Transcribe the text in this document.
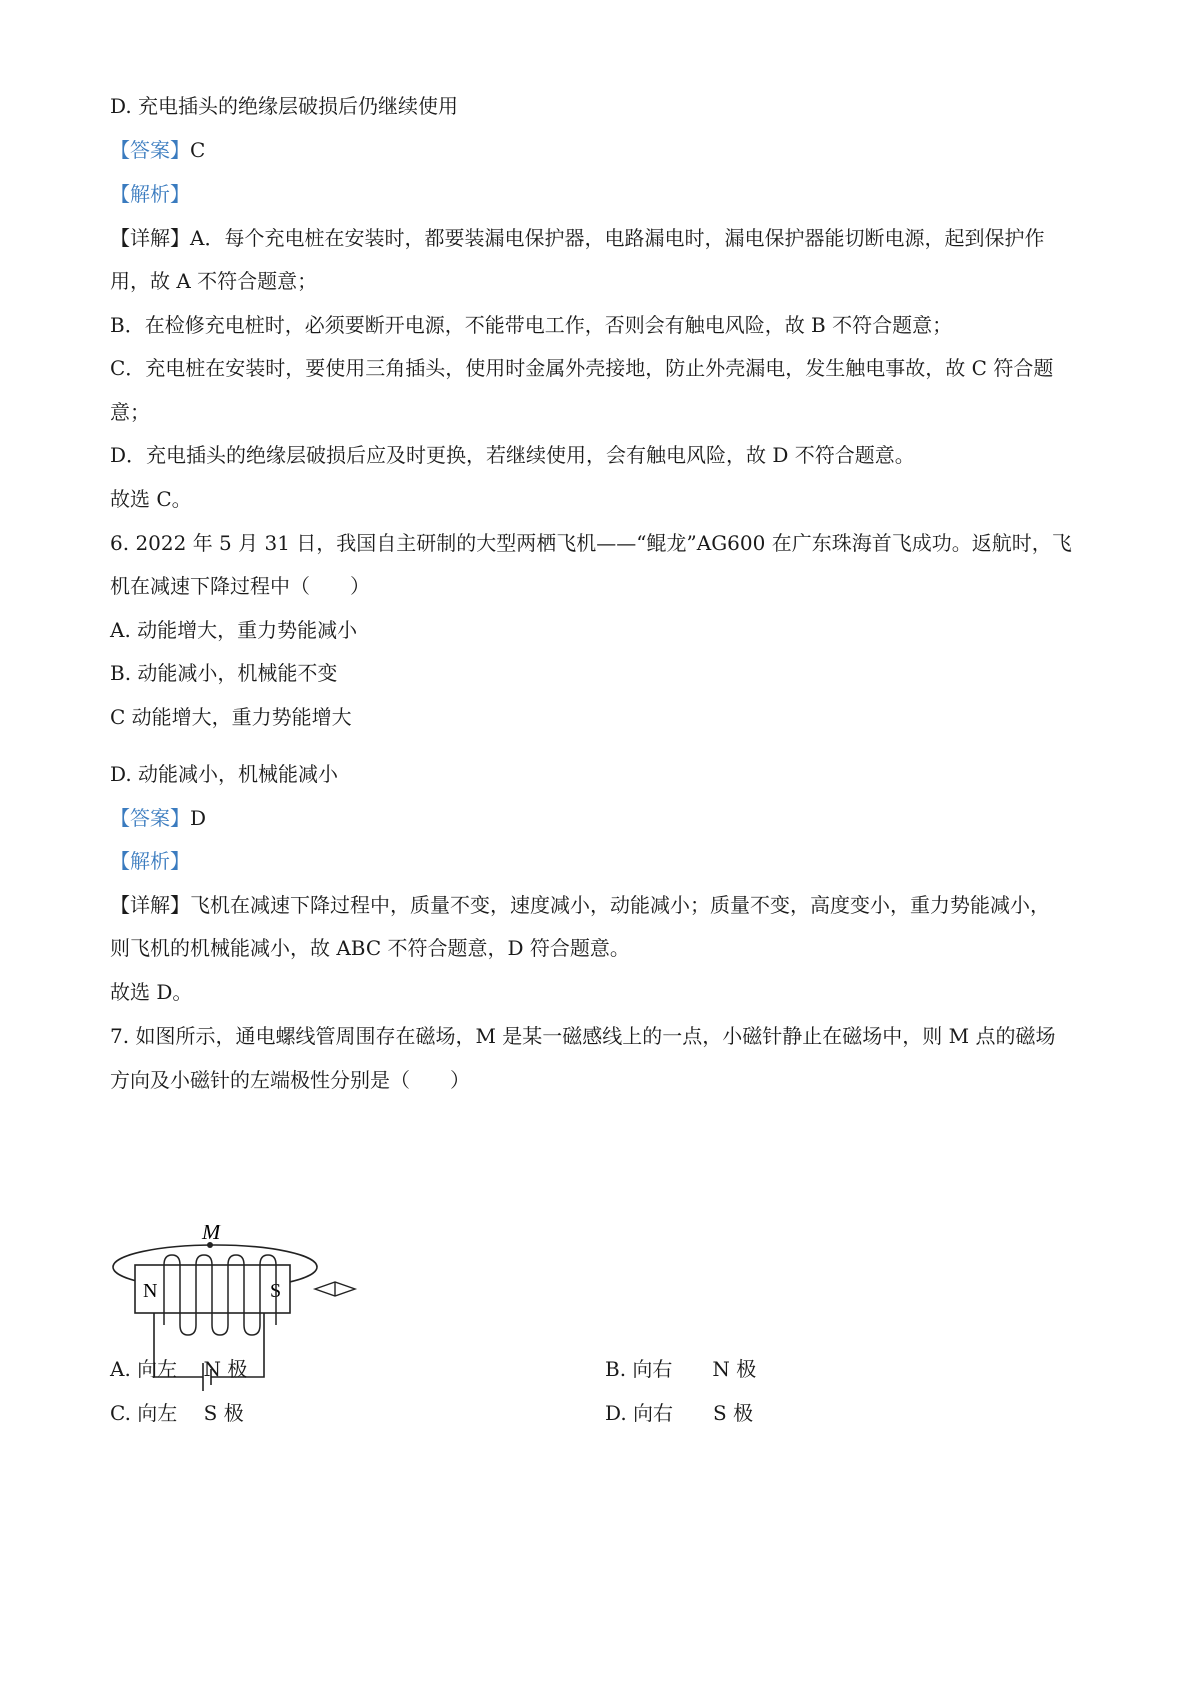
D. 充电插头的绝缘层破损后仍继续使用
【答案】C
【解析】
【详解】A．每个充电桩在安装时，都要装漏电保护器，电路漏电时，漏电保护器能切断电源，起到保护作
用，故 A 不符合题意；
B．在检修充电桩时，必须要断开电源，不能带电工作，否则会有触电风险，故 B 不符合题意；
C．充电桩在安装时，要使用三角插头，使用时金属外壳接地，防止外壳漏电，发生触电事故，故 C 符合题
意；
D．充电插头的绝缘层破损后应及时更换，若继续使用，会有触电风险，故 D 不符合题意。
故选 C。
6. 2022 年 5 月 31 日，我国自主研制的大型两栖飞机——“鲲龙”AG600 在广东珠海首飞成功。返航时，飞
机在减速下降过程中（　　）
A. 动能增大，重力势能减小
B. 动能减小，机械能不变
C 动能增大，重力势能增大
D. 动能减小，机械能减小
【答案】D
【解析】
【详解】飞机在减速下降过程中，质量不变，速度减小，动能减小；质量不变，高度变小，重力势能减小，
则飞机的机械能减小，故 ABC 不符合题意，D 符合题意。
故选 D。
7. 如图所示，通电螺线管周围存在磁场，M 是某一磁感线上的一点，小磁针静止在磁场中，则 M 点的磁场
方向及小磁针的左端极性分别是（　　）
M
N	S
A. 向左　 N 极	B. 向右　　N 极
C. 向左　 S 极	D. 向右　　S 极
